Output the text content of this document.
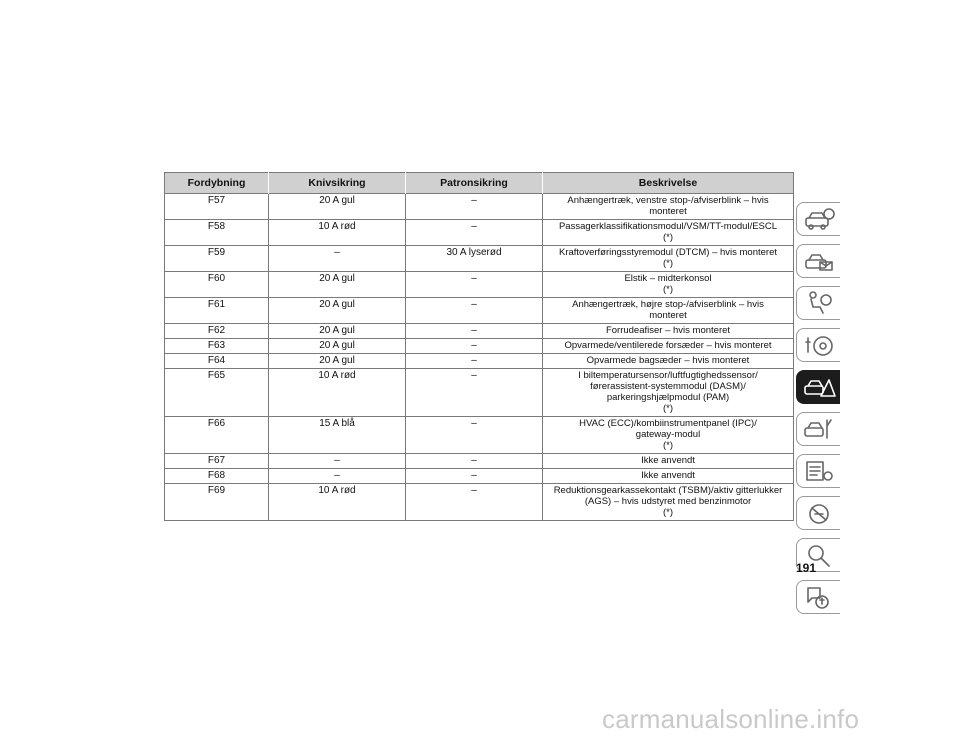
Fordybning	Knivsikring	Patronsikring	Beskrivelse
F57	20 A gul	–	Anhængertræk, venstre stop-/afviserblink – hvis
monteret

F58	10 A rød	–	Passagerklassifikationsmodul/VSM/TT-modul/ESCL
(*)

F59	–	30 A lyserød	Kraftoverføringsstyremodul (DTCM) – hvis monteret
(*)

F60	20 A gul	–	Elstik – midterkonsol
(*)

F61	20 A gul	–	Anhængertræk, højre stop-/afviserblink – hvis
monteret

F62	20 A gul	–	Forrudeafiser – hvis monteret

F63	20 A gul	–	Opvarmede/ventilerede forsæder – hvis monteret

F64	20 A gul	–	Opvarmede bagsæder – hvis monteret

F65	10 A rød	–	I biltemperatursensor/luftfugtighedssensor/
førerassistent-systemmodul (DASM)/
parkeringshjælpmodul (PAM)
(*)

F66	15 A blå	–	HVAC (ECC)/kombiinstrumentpanel (IPC)/
gateway-modul
(*)

F67	–	–	Ikke anvendt

F68	–	–	Ikke anvendt

F69	10 A rød	–	Reduktionsgearkassekontakt (TSBM)/aktiv gitterlukker
(AGS) – hvis udstyret med benzinmotor
(*)
191
carmanualsonline.info
